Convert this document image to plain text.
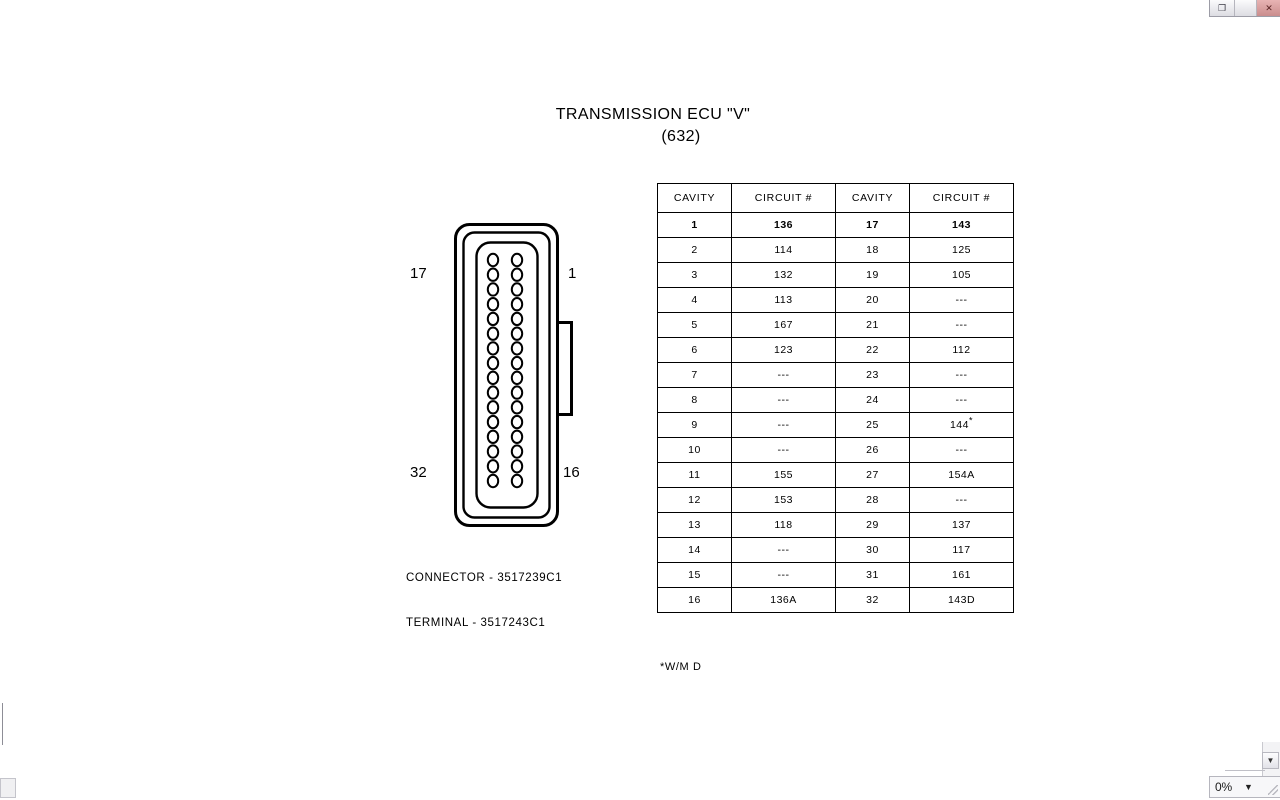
❐	✕
▼
0% ▼
TRANSMISSION ECU "V"
(632)
17	1
32	16

CONNECTOR - 3517239C1

TERMINAL - 3517243C1

CAVITY	CIRCUIT #	CAVITY	CIRCUIT #
1	136	17	143
2	114	18	125
3	132	19	105
4	113	20	---
5	167	21	---
6	123	22	112
7	---	23	---
8	---	24	---
9	---	25	144*
10	---	26	---
11	155	27	154A
12	153	28	---
13	118	29	137
14	---	30	117
15	---	31	161
16	136A	32	143D
*W/M D
